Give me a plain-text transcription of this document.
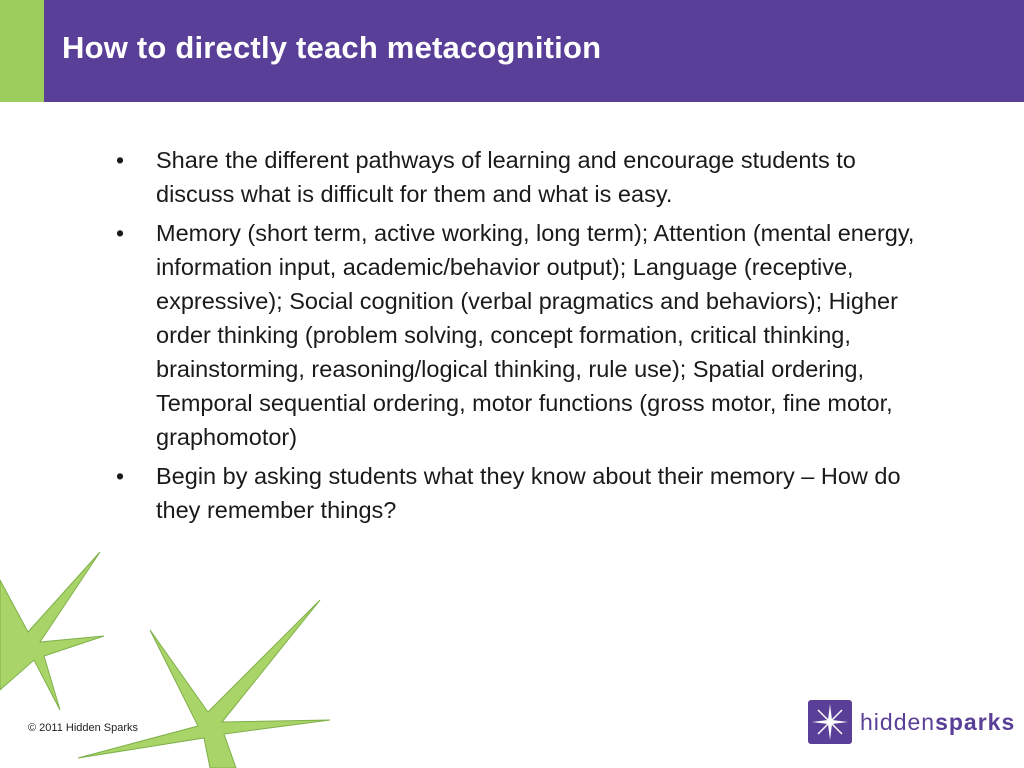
How to directly teach metacognition
• Share the different pathways of learning and encourage students to discuss what is difficult for them and what is easy.
• Memory (short term, active working, long term); Attention (mental energy, information input, academic/behavior output); Language (receptive, expressive); Social cognition (verbal pragmatics and behaviors); Higher order thinking (problem solving, concept formation, critical thinking, brainstorming, reasoning/logical thinking, rule use); Spatial ordering, Temporal sequential ordering, motor functions (gross motor, fine motor, graphomotor)
• Begin by asking students what they know about their memory – How do they remember things?
© 2011 Hidden Sparks	hiddensparks
